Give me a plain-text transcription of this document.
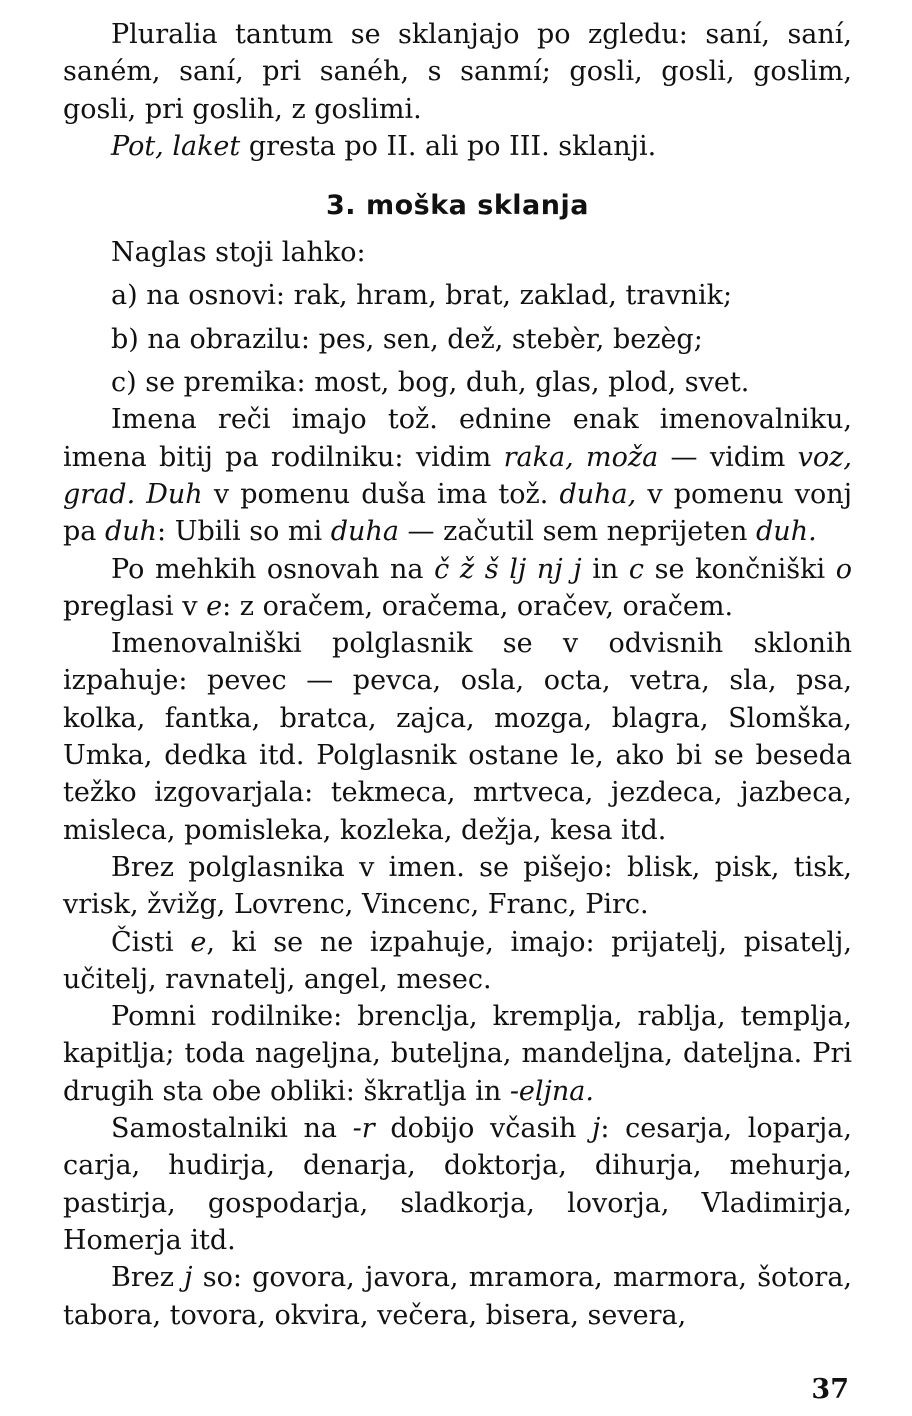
Pluralia tantum se sklanjajo po zgledu: saní, saní, saném, saní, pri sanéh, s sanmí; gosli, gosli, goslim, gosli, pri goslih, z goslimi.

Pot, laket gresta po II. ali po III. sklanji.

3. moška sklanja

Naglas stoji lahko:

a) na osnovi: rak, hram, brat, zaklad, travnik;

b) na obrazilu: pes, sen, dež, stebèr, bezèg;

c) se premika: most, bog, duh, glas, plod, svet.

Imena reči imajo tož. ednine enak imenovalniku, imena bitij pa rodilniku: vidim raka, moža — vidim voz, grad. Duh v pomenu duša ima tož. duha, v pomenu vonj pa duh: Ubili so mi duha — začutil sem neprijeten duh.

Po mehkih osnovah na č ž š lj nj j in c se končniški o preglasi v e: z oračem, oračema, oračev, oračem.

Imenovalniški polglasnik se v odvisnih sklonih izpahuje: pevec — pevca, osla, octa, vetra, sla, psa, kolka, fantka, bratca, zajca, mozga, blagra, Slomška, Umka, dedka itd. Polglasnik ostane le, ako bi se beseda težko izgovarjala: tekmeca, mrtveca, jezdeca, jazbeca, misleca, pomisleka, kozleka, dežja, kesa itd.

Brez polglasnika v imen. se pišejo: blisk, pisk, tisk, vrisk, žvižg, Lovrenc, Vincenc, Franc, Pirc.

Čisti e, ki se ne izpahuje, imajo: prijatelj, pisatelj, učitelj, ravnatelj, angel, mesec.

Pomni rodilnike: brenclja, kremplja, rablja, templja, kapitlja; toda nageljna, buteljna, mandeljna, dateljna. Pri drugih sta obe obliki: škratlja in -eljna.

Samostalniki na -r dobijo včasih j: cesarja, loparja, carja, hudirja, denarja, doktorja, dihurja, mehurja, pastirja, gospodarja, sladkorja, lovorja, Vladimirja, Homerja itd.

Brez j so: govora, javora, mramora, marmora, šotora, tabora, tovora, okvira, večera, bisera, severa,

37
